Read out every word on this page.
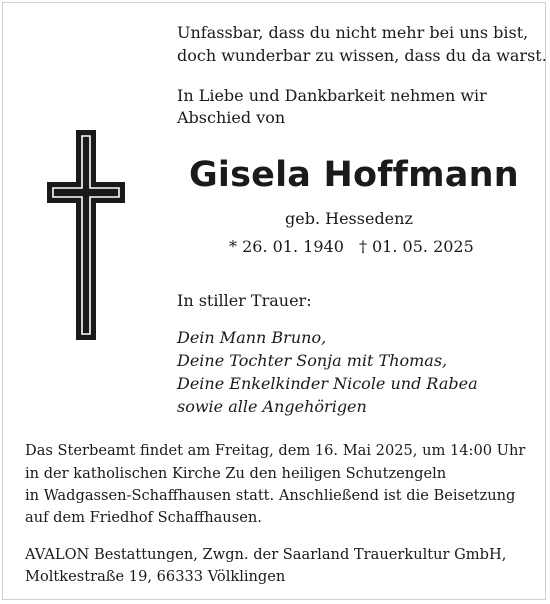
Unfassbar, dass du nicht mehr bei uns bist,
doch wunderbar zu wissen, dass du da warst.
In Liebe und Dankbarkeit nehmen wir
Abschied von
Gisela Hoffmann
geb. Hessedenz
* 26. 01. 1940 † 01. 05. 2025
In stiller Trauer:
Dein Mann Bruno,
Deine Tochter Sonja mit Thomas,
Deine Enkelkinder Nicole und Rabea
sowie alle Angehörigen
Das Sterbeamt findet am Freitag, dem 16. Mai 2025, um 14:00 Uhr
in der katholischen Kirche Zu den heiligen Schutzengeln
in Wadgassen-Schaffhausen statt. Anschließend ist die Beisetzung
auf dem Friedhof Schaffhausen.
AVALON Bestattungen, Zwgn. der Saarland Trauerkultur GmbH,
Moltkestraße 19, 66333 Völklingen
